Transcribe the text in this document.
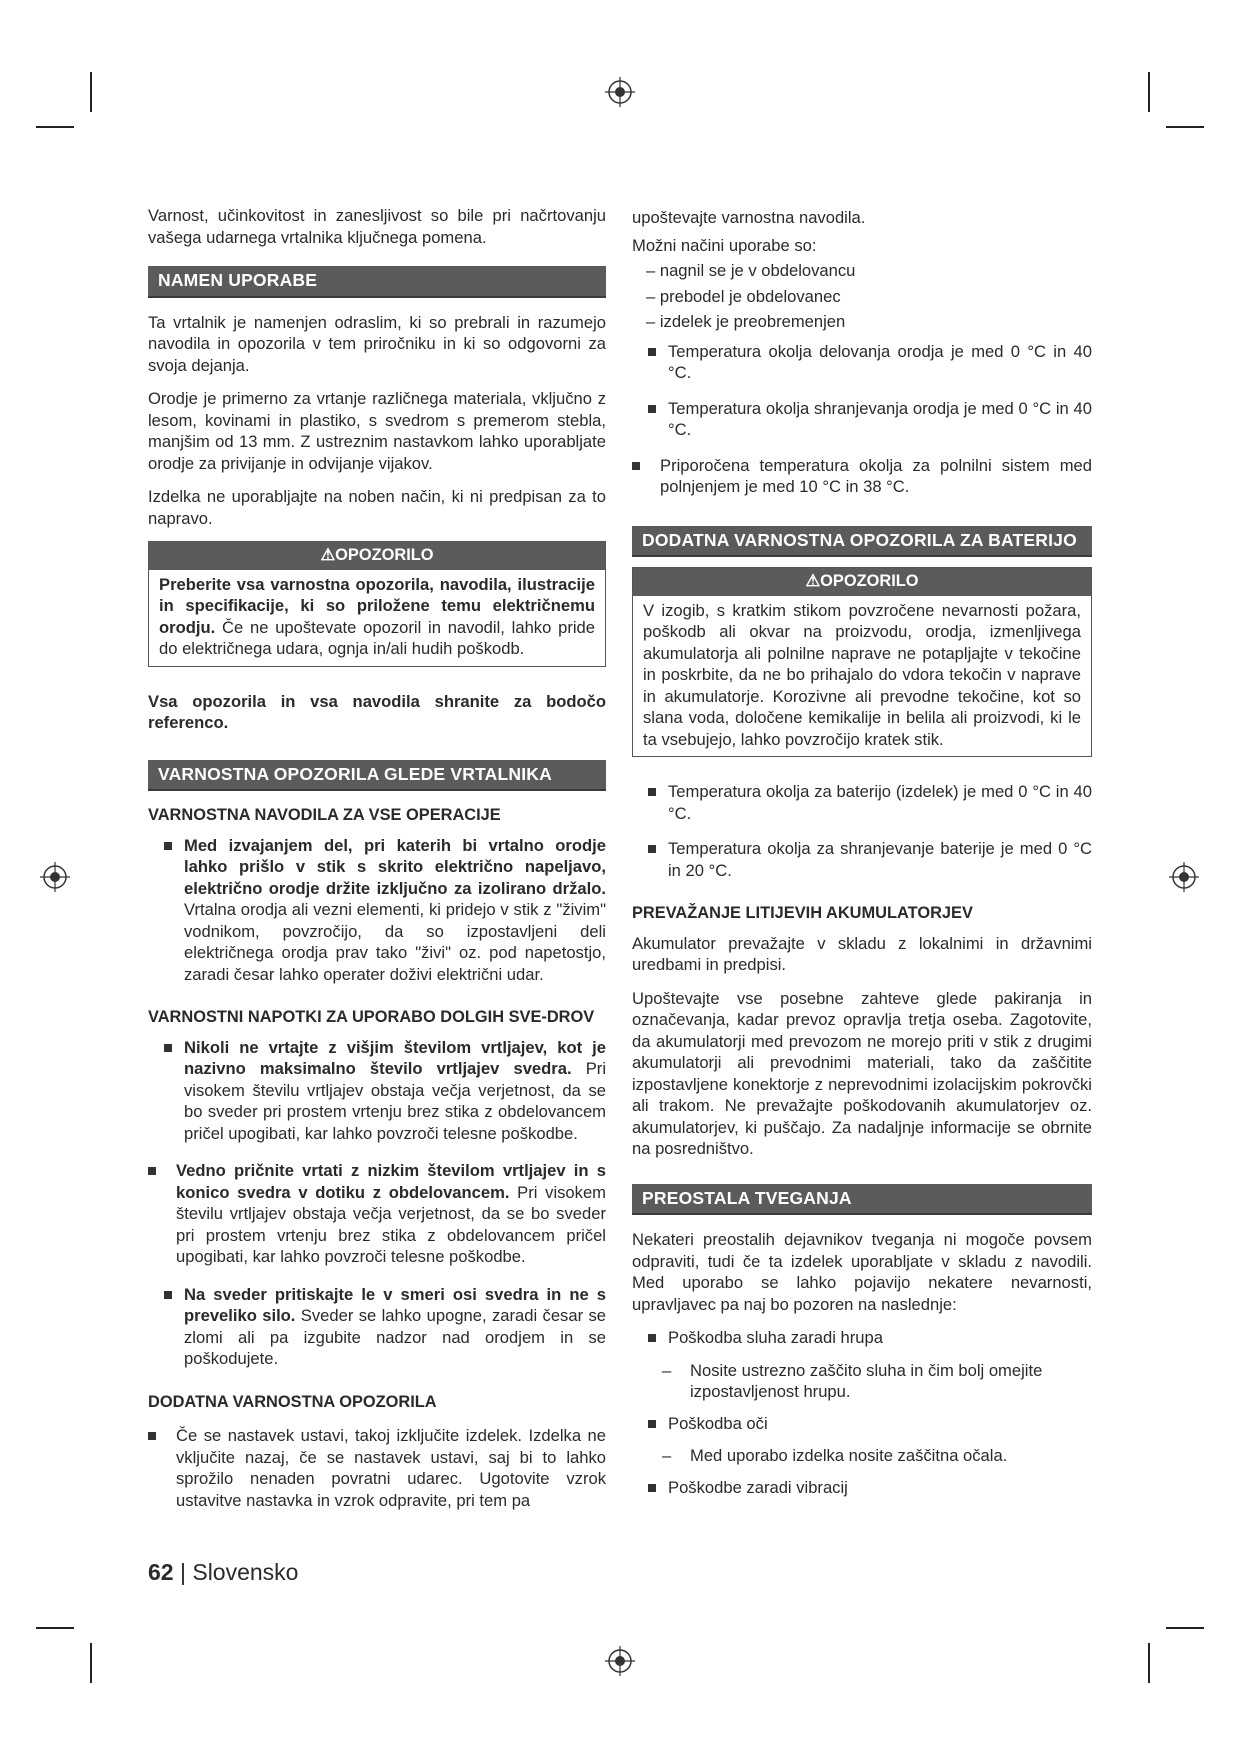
Varnost, učinkovitost in zanesljivost so bile pri načrtovanju vašega udarnega vrtalnika ključnega pomena.

NAMEN UPORABE

Ta vrtalnik je namenjen odraslim, ki so prebrali in razumejo navodila in opozorila v tem priročniku in ki so odgovorni za svoja dejanja.

Orodje je primerno za vrtanje različnega materiala, vključno z lesom, kovinami in plastiko, s svedrom s premerom stebla, manjšim od 13 mm. Z ustreznim nastavkom lahko uporabljate orodje za privijanje in odvijanje vijakov.

Izdelka ne uporabljajte na noben način, ki ni predpisan za to napravo.

⚠OPOZORILO
Preberite vsa varnostna opozorila, navodila, ilustracije in specifikacije, ki so priložene temu električnemu orodju. Če ne upoštevate opozoril in navodil, lahko pride do električnega udara, ognja in/ali hudih poškodb.

Vsa opozorila in vsa navodila shranite za bodočo referenco.

VARNOSTNA OPOZORILA GLEDE VRTALNIKA
VARNOSTNA NAVODILA ZA VSE OPERACIJE
Med izvajanjem del, pri katerih bi vrtalno orodje lahko prišlo v stik s skrito električno napeljavo, električno orodje držite izključno za izolirano držalo. Vrtalna orodja ali vezni elementi, ki pridejo v stik z "živim" vodnikom, povzročijo, da so izpostavljeni deli električnega orodja prav tako "živi" oz. pod napetostjo, zaradi česar lahko operater doživi električni udar.
VARNOSTNI NAPOTKI ZA UPORABO DOLGIH SVE-DROV
Nikoli ne vrtajte z višjim številom vrtljajev, kot je nazivno maksimalno število vrtljajev svedra. Pri visokem številu vrtljajev obstaja večja verjetnost, da se bo sveder pri prostem vrtenju brez stika z obdelovancem pričel upogibati, kar lahko povzroči telesne poškodbe.
Vedno pričnite vrtati z nizkim številom vrtljajev in s konico svedra v dotiku z obdelovancem. Pri visokem številu vrtljajev obstaja večja verjetnost, da se bo sveder pri prostem vrtenju brez stika z obdelovancem pričel upogibati, kar lahko povzroči telesne poškodbe.
Na sveder pritiskajte le v smeri osi svedra in ne s preveliko silo. Sveder se lahko upogne, zaradi česar se zlomi ali pa izgubite nadzor nad orodjem in se poškodujete.
DODATNA VARNOSTNA OPOZORILA
Če se nastavek ustavi, takoj izključite izdelek. Izdelka ne vključite nazaj, če se nastavek ustavi, saj bi to lahko sprožilo nenaden povratni udarec. Ugotovite vzrok ustavitve nastavka in vzrok odpravite, pri tem pa

upoštevajte varnostna navodila.

Možni načini uporabe so:

– nagnil se je v obdelovancu
– prebodel je obdelovanec
– izdelek je preobremenjen
Temperatura okolja delovanja orodja je med 0 °C in 40 °C.
Temperatura okolja shranjevanja orodja je med 0 °C in 40 °C.
Priporočena temperatura okolja za polnilni sistem med polnjenjem je med 10 °C in 38 °C.
DODATNA VARNOSTNA OPOZORILA ZA BATERIJO
⚠OPOZORILO
V izogib, s kratkim stikom povzročene nevarnosti požara, poškodb ali okvar na proizvodu, orodja, izmenljivega akumulatorja ali polnilne naprave ne potapljajte v tekočine in poskrbite, da ne bo prihajalo do vdora tekočin v naprave in akumulatorje. Korozivne ali prevodne tekočine, kot so slana voda, določene kemikalije in belila ali proizvodi, ki le ta vsebujejo, lahko povzročijo kratek stik.
Temperatura okolja za baterijo (izdelek) je med 0 °C in 40 °C.
Temperatura okolja za shranjevanje baterije je med 0 °C in 20 °C.
PREVAŽANJE LITIJEVIH AKUMULATORJEV

Akumulator prevažajte v skladu z lokalnimi in državnimi uredbami in predpisi.

Upoštevajte vse posebne zahteve glede pakiranja in označevanja, kadar prevoz opravlja tretja oseba. Zagotovite, da akumulatorji med prevozom ne morejo priti v stik z drugimi akumulatorji ali prevodnimi materiali, tako da zaščitite izpostavljene konektorje z neprevodnimi izolacijskim pokrovčki ali trakom. Ne prevažajte poškodovanih akumulatorjev oz. akumulatorjev, ki puščajo. Za nadaljnje informacije se obrnite na posredništvo.

PREOSTALA TVEGANJA

Nekateri preostalih dejavnikov tveganja ni mogoče povsem odpraviti, tudi če ta izdelek uporabljate v skladu z navodili. Med uporabo se lahko pojavijo nekatere nevarnosti, upravljavec pa naj bo pozoren na naslednje:

Poškodba sluha zaradi hrupa
–	Nosite ustrezno zaščito sluha in čim bolj omejite izpostavljenost hrupu.
Poškodba oči
–	Med uporabo izdelka nosite zaščitna očala.
Poškodbe zaradi vibracij
62 | Slovensko
